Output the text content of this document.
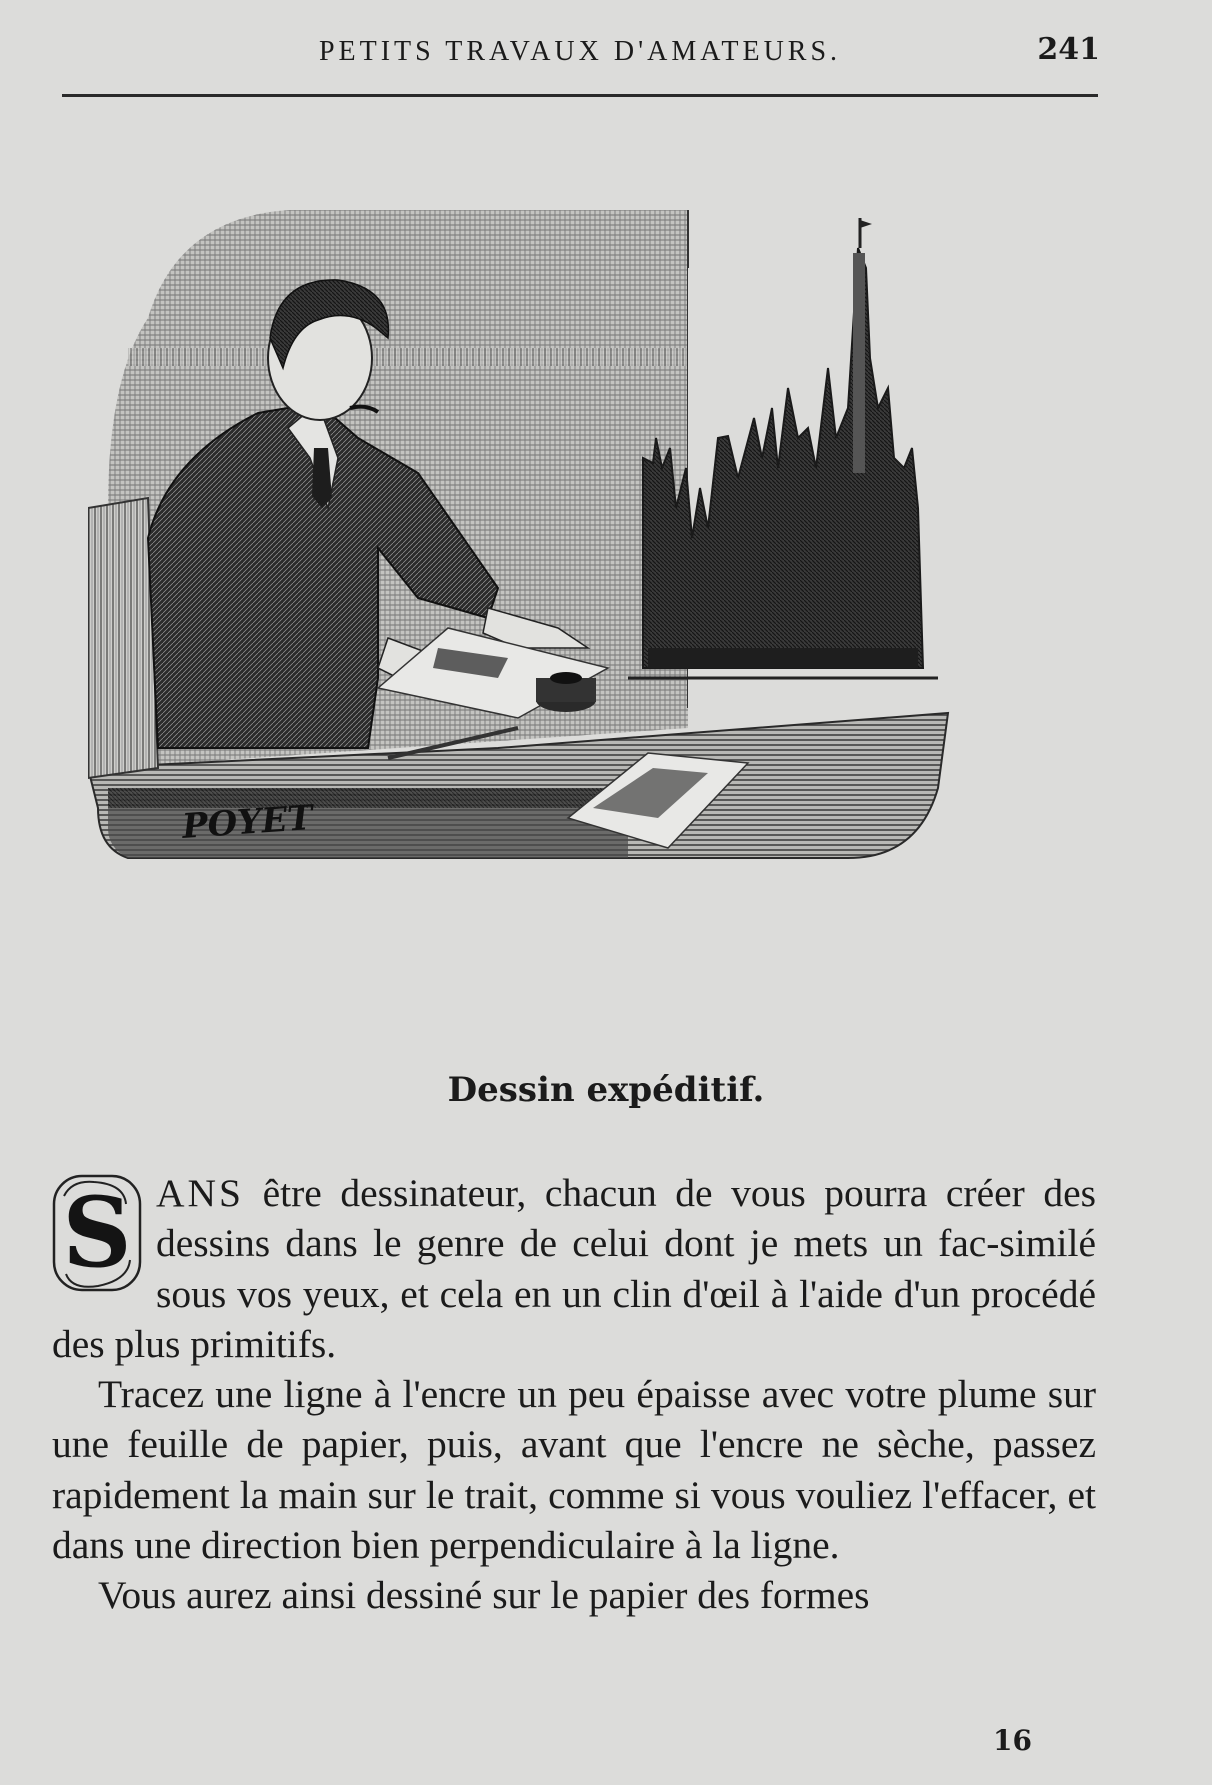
PETITS TRAVAUX D'AMATEURS.	241
POYET
Dessin expéditif.

S ANS être dessinateur, chacun de vous pourra créer des dessins dans le genre de celui dont je mets un fac-similé sous vos yeux, et cela en un clin d'œil à l'aide d'un procédé des plus primitifs.

Tracez une ligne à l'encre un peu épaisse avec votre plume sur une feuille de papier, puis, avant que l'encre ne sèche, passez rapidement la main sur le trait, comme si vous vouliez l'effacer, et dans une direction bien perpendiculaire à la ligne.

Vous aurez ainsi dessiné sur le papier des formes

16
